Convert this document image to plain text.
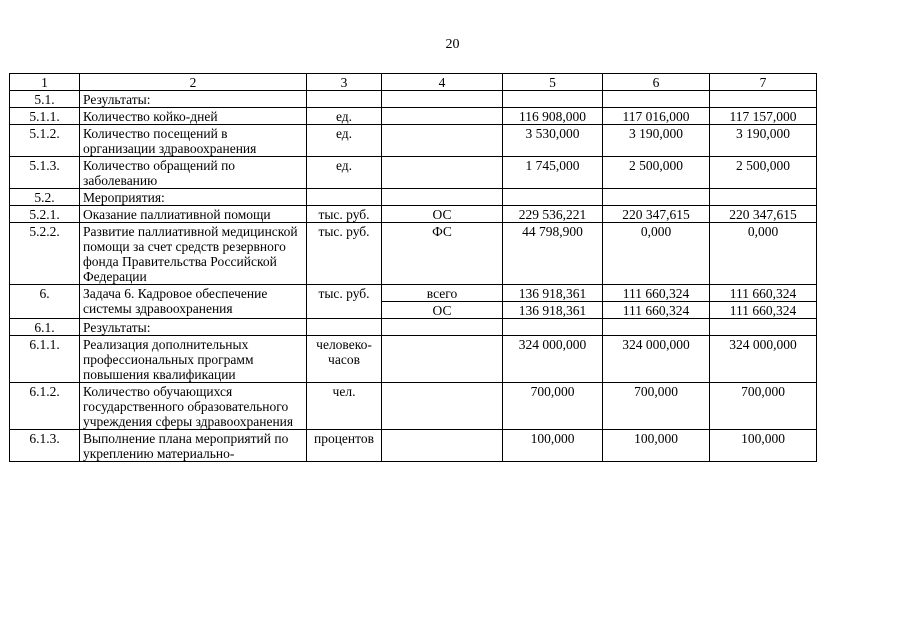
20
1	2	3	4	5	6	7
5.1.	Результаты:					
5.1.1.	Количество койко-дней	ед.		116 908,000	117 016,000	117 157,000
5.1.2.	Количество посещений в организации здравоохранения	ед.		3 530,000	3 190,000	3 190,000
5.1.3.	Количество обращений по заболеванию	ед.		1 745,000	2 500,000	2 500,000
5.2.	Мероприятия:					
5.2.1.	Оказание паллиативной помощи	тыс. руб.	ОС	229 536,221	220 347,615	220 347,615
5.2.2.	Развитие паллиативной медицинской помощи за счет средств резервного фонда Правительства Российской Федерации	тыс. руб.	ФС	44 798,900	0,000	0,000
6.	Задача 6. Кадровое обеспечение системы здравоохранения	тыс. руб.	всего	136 918,361	111 660,324	111 660,324
			ОС	136 918,361	111 660,324	111 660,324
6.1.	Результаты:					
6.1.1.	Реализация дополнительных профессиональных программ повышения квалификации	человеко-часов		324 000,000	324 000,000	324 000,000
6.1.2.	Количество обучающихся государственного образовательного учреждения сферы здравоохранения	чел.		700,000	700,000	700,000
6.1.3.	Выполнение плана мероприятий по укреплению материально-	процентов		100,000	100,000	100,000
